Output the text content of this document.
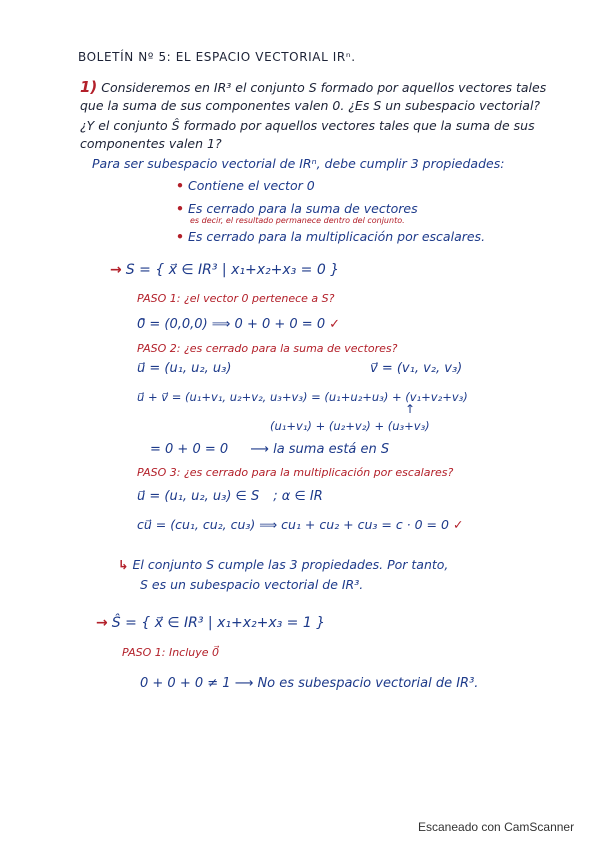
BOLETÍN Nº 5: EL ESPACIO VECTORIAL IRⁿ.
1) Consideremos en IR³ el conjunto S formado por aquellos vectores tales
que la suma de sus componentes valen 0. ¿Es S un subespacio vectorial?
¿Y el conjunto Ŝ formado por aquellos vectores tales que la suma de sus
componentes valen 1?
Para ser subespacio vectorial de IRⁿ, debe cumplir 3 propiedades:
• Contiene el vector 0
• Es cerrado para la suma de vectores
es decir, el resultado permanece dentro del conjunto.
• Es cerrado para la multiplicación por escalares.
→ S = { x⃗ ∈ IR³ | x₁+x₂+x₃ = 0 }
PASO 1: ¿el vector 0 pertenece a S?
0⃗ = (0,0,0) ⟹ 0 + 0 + 0 = 0 ✓
PASO 2: ¿es cerrado para la suma de vectores?
u⃗ = (u₁, u₂, u₃)	v⃗ = (v₁, v₂, v₃)
u⃗ + v⃗ = (u₁+v₁, u₂+v₂, u₃+v₃) = (u₁+u₂+u₃) + (v₁+v₂+v₃)
↑
(u₁+v₁) + (u₂+v₂) + (u₃+v₃)
= 0 + 0 = 0 ⟶ la suma está en S
PASO 3: ¿es cerrado para la multiplicación por escalares?
u⃗ = (u₁, u₂, u₃) ∈ S ; α ∈ IR
cu⃗ = (cu₁, cu₂, cu₃) ⟹ cu₁ + cu₂ + cu₃ = c · 0 = 0 ✓
↳ El conjunto S cumple las 3 propiedades. Por tanto,
S es un subespacio vectorial de IR³.
→ Ŝ = { x⃗ ∈ IR³ | x₁+x₂+x₃ = 1 }
PASO 1: Incluye 0⃗
0 + 0 + 0 ≠ 1 ⟶ No es subespacio vectorial de IR³.
Escaneado con CamScanner
